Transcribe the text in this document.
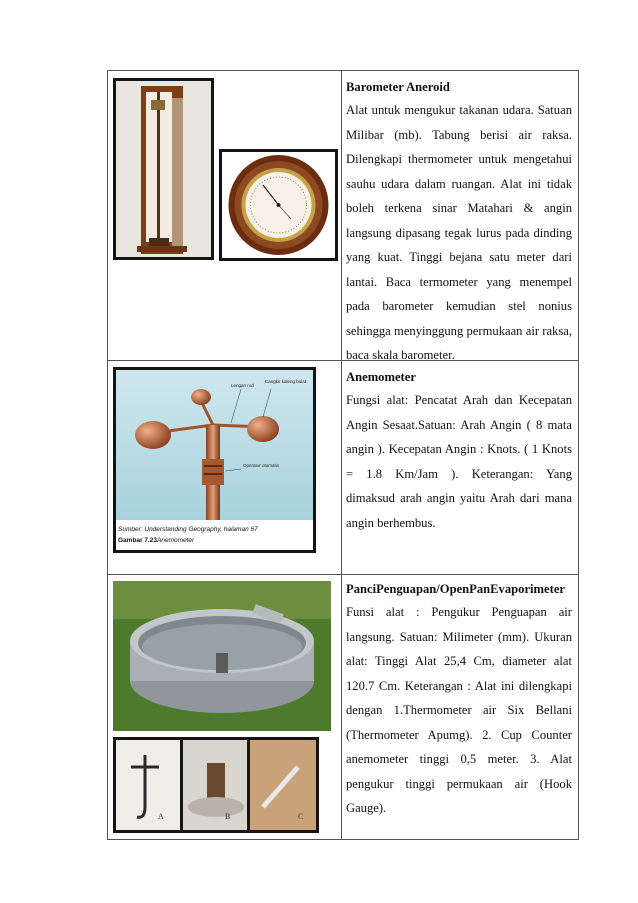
Barometer Aneroid

Alat untuk mengukur takanan udara. Satuan Milibar (mb). Tabung berisi air raksa. Dilengkapi thermometer untuk mengetahui sauhu udara dalam ruangan. Alat ini tidak boleh terkena sinar Matahari & angin langsung dipasang tegak lurus pada dinding yang kuat. Tinggi bejana satu meter dari lantai. Baca termometer yang menempel pada barometer kemudian stel nonius sehingga menyinggung permukaan air raksa, baca skala barometer.

Lengan rod
Cangkir kaleng bulat
Operator otomatis
Sumber: Understanding Geography, halaman 67
Gambar 7.23 Anemometer
Anemometer

Fungsi alat: Pencatat Arah dan Kecepatan Angin Sesaat.Satuan: Arah Angin ( 8 mata angin ). Kecepatan Angin : Knots. ( 1 Knots = 1.8 Km/Jam ). Keterangan: Yang dimaksud arah angin yaitu Arah dari mana angin berhembus.

A	B	C
PanciPenguapan/OpenPanEvaporimeter

Funsi alat : Pengukur Penguapan air langsung. Satuan: Milimeter (mm). Ukuran alat: Tinggi Alat 25,4 Cm, diameter alat 120.7 Cm. Keterangan : Alat ini dilengkapi dengan 1.Thermometer air Six Bellani (Thermometer Apumg). 2. Cup Counter anemometer tinggi 0,5 meter. 3. Alat pengukur tinggi permukaan air (Hook Gauge).
